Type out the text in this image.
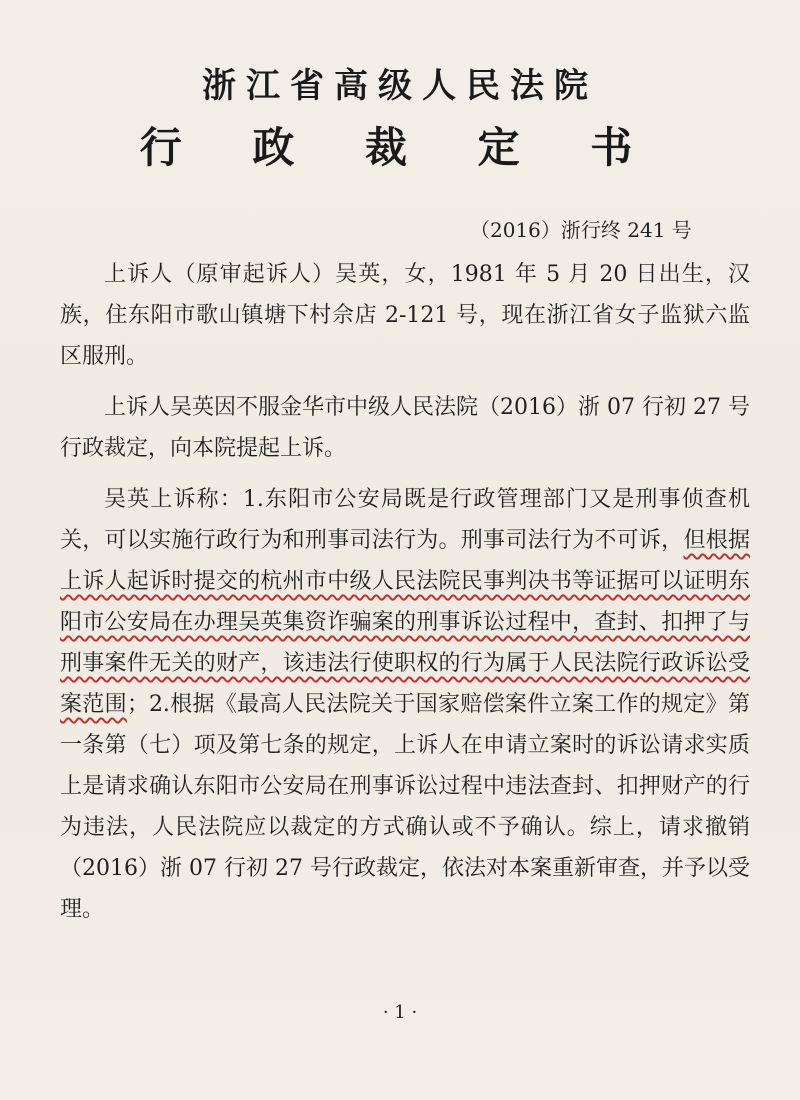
浙江省高级人民法院
行 政 裁 定 书
（2016）浙行终 241 号

上诉人（原审起诉人）吴英，女，1981 年 5 月 20 日出生，汉族，住东阳市歌山镇塘下村佘店 2-121 号，现在浙江省女子监狱六监区服刑。

上诉人吴英因不服金华市中级人民法院（2016）浙 07 行初 27 号行政裁定，向本院提起上诉。

吴英上诉称：1.东阳市公安局既是行政管理部门又是刑事侦查机关，可以实施行政行为和刑事司法行为。刑事司法行为不可诉，但根据上诉人起诉时提交的杭州市中级人民法院民事判决书等证据可以证明东阳市公安局在办理吴英集资诈骗案的刑事诉讼过程中，查封、扣押了与刑事案件无关的财产，该违法行使职权的行为属于人民法院行政诉讼受案范围；2.根据《最高人民法院关于国家赔偿案件立案工作的规定》第一条第（七）项及第七条的规定，上诉人在申请立案时的诉讼请求实质上是请求确认东阳市公安局在刑事诉讼过程中违法查封、扣押财产的行为违法，人民法院应以裁定的方式确认或不予确认。综上，请求撤销（2016）浙 07 行初 27 号行政裁定，依法对本案重新审查，并予以受理。

· 1 ·
